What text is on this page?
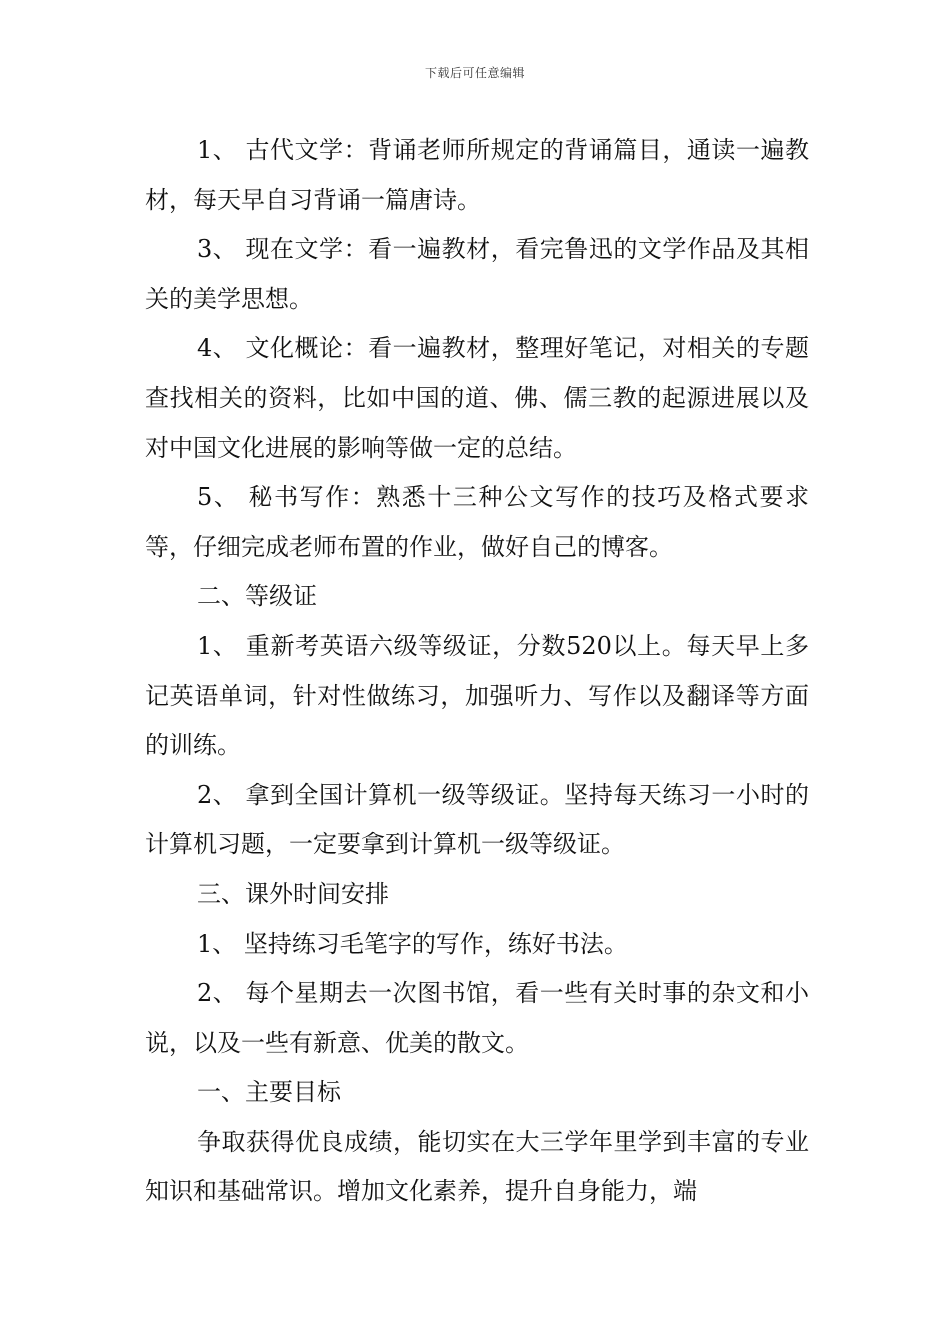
下载后可任意编辑

1、 古代文学：背诵老师所规定的背诵篇目，通读一遍教材，每天早自习背诵一篇唐诗。

3、 现在文学：看一遍教材，看完鲁迅的文学作品及其相关的美学思想。

4、 文化概论：看一遍教材，整理好笔记，对相关的专题查找相关的资料，比如中国的道、佛、儒三教的起源进展以及对中国文化进展的影响等做一定的总结。

5、 秘书写作：熟悉十三种公文写作的技巧及格式要求等，仔细完成老师布置的作业，做好自己的博客。

二、等级证

1、 重新考英语六级等级证，分数520以上。每天早上多记英语单词，针对性做练习，加强听力、写作以及翻译等方面的训练。

2、 拿到全国计算机一级等级证。坚持每天练习一小时的计算机习题，一定要拿到计算机一级等级证。

三、课外时间安排

1、 坚持练习毛笔字的写作，练好书法。

2、 每个星期去一次图书馆，看一些有关时事的杂文和小说，以及一些有新意、优美的散文。

一、主要目标

争取获得优良成绩，能切实在大三学年里学到丰富的专业知识和基础常识。增加文化素养，提升自身能力，端
